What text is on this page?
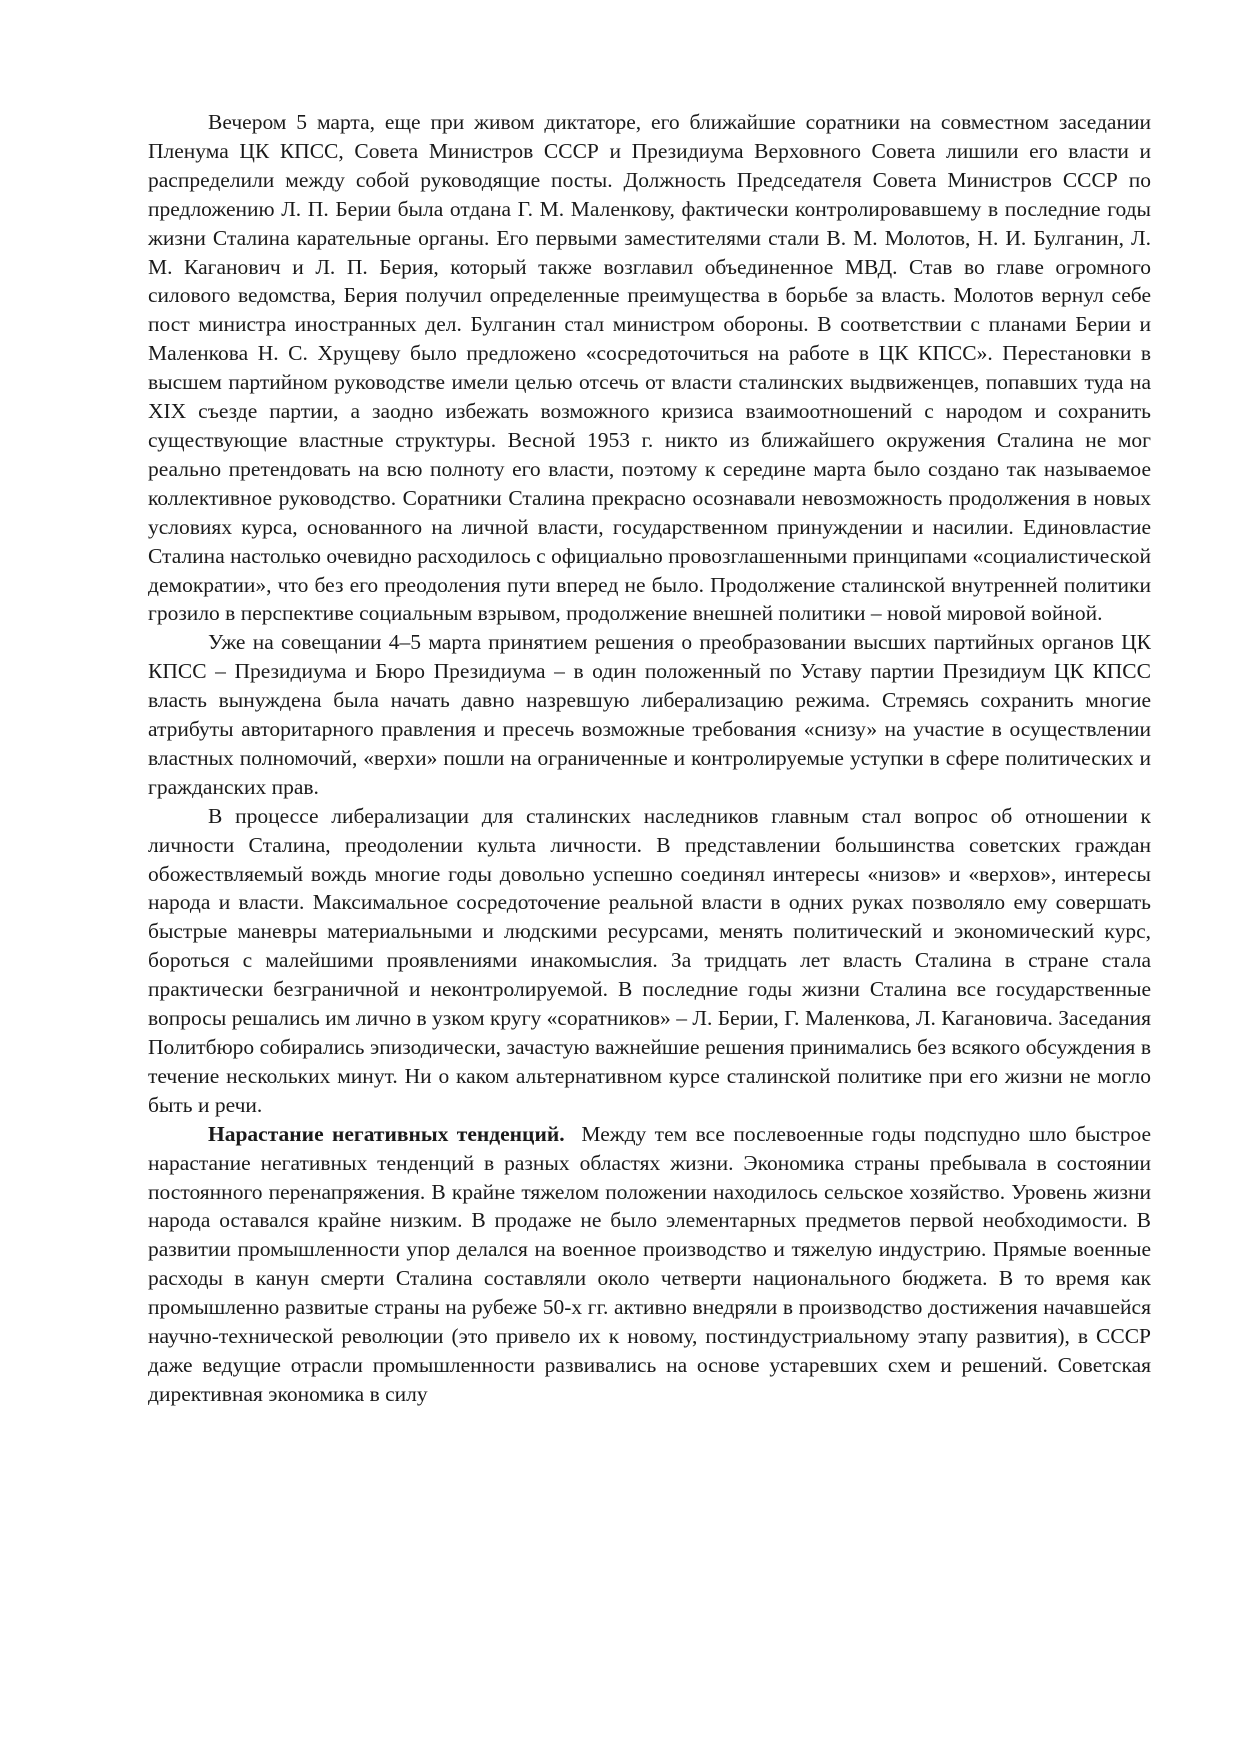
Вечером 5 марта, еще при живом диктаторе, его ближайшие соратники на совместном заседании Пленума ЦК КПСС, Совета Министров СССР и Президиума Верховного Совета лишили его власти и распределили между собой руководящие посты. Должность Председателя Совета Министров СССР по предложению Л. П. Берии была отдана Г. М. Маленкову, фактически контролировавшему в последние годы жизни Сталина карательные органы. Его первыми заместителями стали В. М. Молотов, Н. И. Булганин, Л. М. Каганович и Л. П. Берия, который также возглавил объединенное МВД. Став во главе огромного силового ведомства, Берия получил определенные преимущества в борьбе за власть. Молотов вернул себе пост министра иностранных дел. Булганин стал министром обороны. В соответствии с планами Берии и Маленкова Н. С. Хрущеву было предложено «сосредоточиться на работе в ЦК КПСС». Перестановки в высшем партийном руководстве имели целью отсечь от власти сталинских выдвиженцев, попавших туда на XIX съезде партии, а заодно избежать возможного кризиса взаимоотношений с народом и сохранить существующие властные структуры. Весной 1953 г. никто из ближайшего окружения Сталина не мог реально претендовать на всю полноту его власти, поэтому к середине марта было создано так называемое коллективное руководство. Соратники Сталина прекрасно осознавали невозможность продолжения в новых условиях курса, основанного на личной власти, государственном принуждении и насилии. Единовластие Сталина настолько очевидно расходилось с официально провозглашенными принципами «социалистической демократии», что без его преодоления пути вперед не было. Продолжение сталинской внутренней политики грозило в перспективе социальным взрывом, продолжение внешней политики – новой мировой войной.

Уже на совещании 4–5 марта принятием решения о преобразовании высших партийных органов ЦК КПСС – Президиума и Бюро Президиума – в один положенный по Уставу партии Президиум ЦК КПСС власть вынуждена была начать давно назревшую либерализацию режима. Стремясь сохранить многие атрибуты авторитарного правления и пресечь возможные требования «снизу» на участие в осуществлении властных полномочий, «верхи» пошли на ограниченные и контролируемые уступки в сфере политических и гражданских прав.

В процессе либерализации для сталинских наследников главным стал вопрос об отношении к личности Сталина, преодолении культа личности. В представлении большинства советских граждан обожествляемый вождь многие годы довольно успешно соединял интересы «низов» и «верхов», интересы народа и власти. Максимальное сосредоточение реальной власти в одних руках позволяло ему совершать быстрые маневры материальными и людскими ресурсами, менять политический и экономический курс, бороться с малейшими проявлениями инакомыслия. За тридцать лет власть Сталина в стране стала практически безграничной и неконтролируемой. В последние годы жизни Сталина все государственные вопросы решались им лично в узком кругу «соратников» – Л. Берии, Г. Маленкова, Л. Кагановича. Заседания Политбюро собирались эпизодически, зачастую важнейшие решения принимались без всякого обсуждения в течение нескольких минут. Ни о каком альтернативном курсе сталинской политике при его жизни не могло быть и речи.

Нарастание негативных тенденций. Между тем все послевоенные годы подспудно шло быстрое нарастание негативных тенденций в разных областях жизни. Экономика страны пребывала в состоянии постоянного перенапряжения. В крайне тяжелом положении находилось сельское хозяйство. Уровень жизни народа оставался крайне низким. В продаже не было элементарных предметов первой необходимости. В развитии промышленности упор делался на военное производство и тяжелую индустрию. Прямые военные расходы в канун смерти Сталина составляли около четверти национального бюджета. В то время как промышленно развитые страны на рубеже 50-х гг. активно внедряли в производство достижения начавшейся научно-технической революции (это привело их к новому, постиндустриальному этапу развития), в СССР даже ведущие отрасли промышленности развивались на основе устаревших схем и решений. Советская директивная экономика в силу
